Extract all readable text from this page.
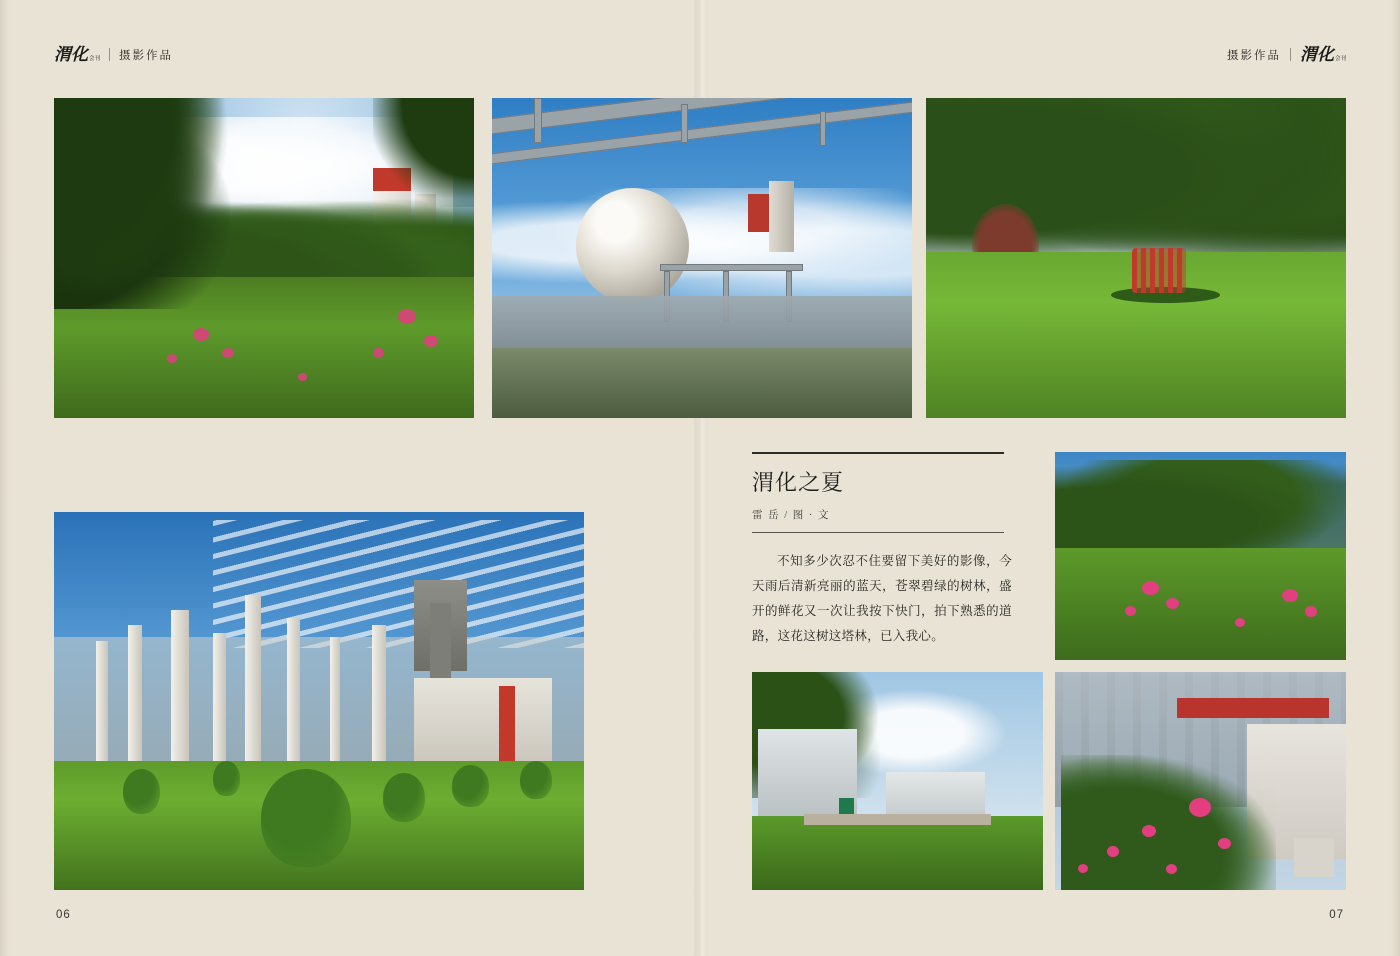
渭化 会刊 摄影作品	摄影作品 渭化 会刊
渭化之夏
雷 岳 / 图 · 文

不知多少次忍不住要留下美好的影像，今天雨后清新亮丽的蓝天，苍翠碧绿的树林，盛开的鲜花又一次让我按下快门，拍下熟悉的道路，这花这树这塔林，已入我心。

06	07
